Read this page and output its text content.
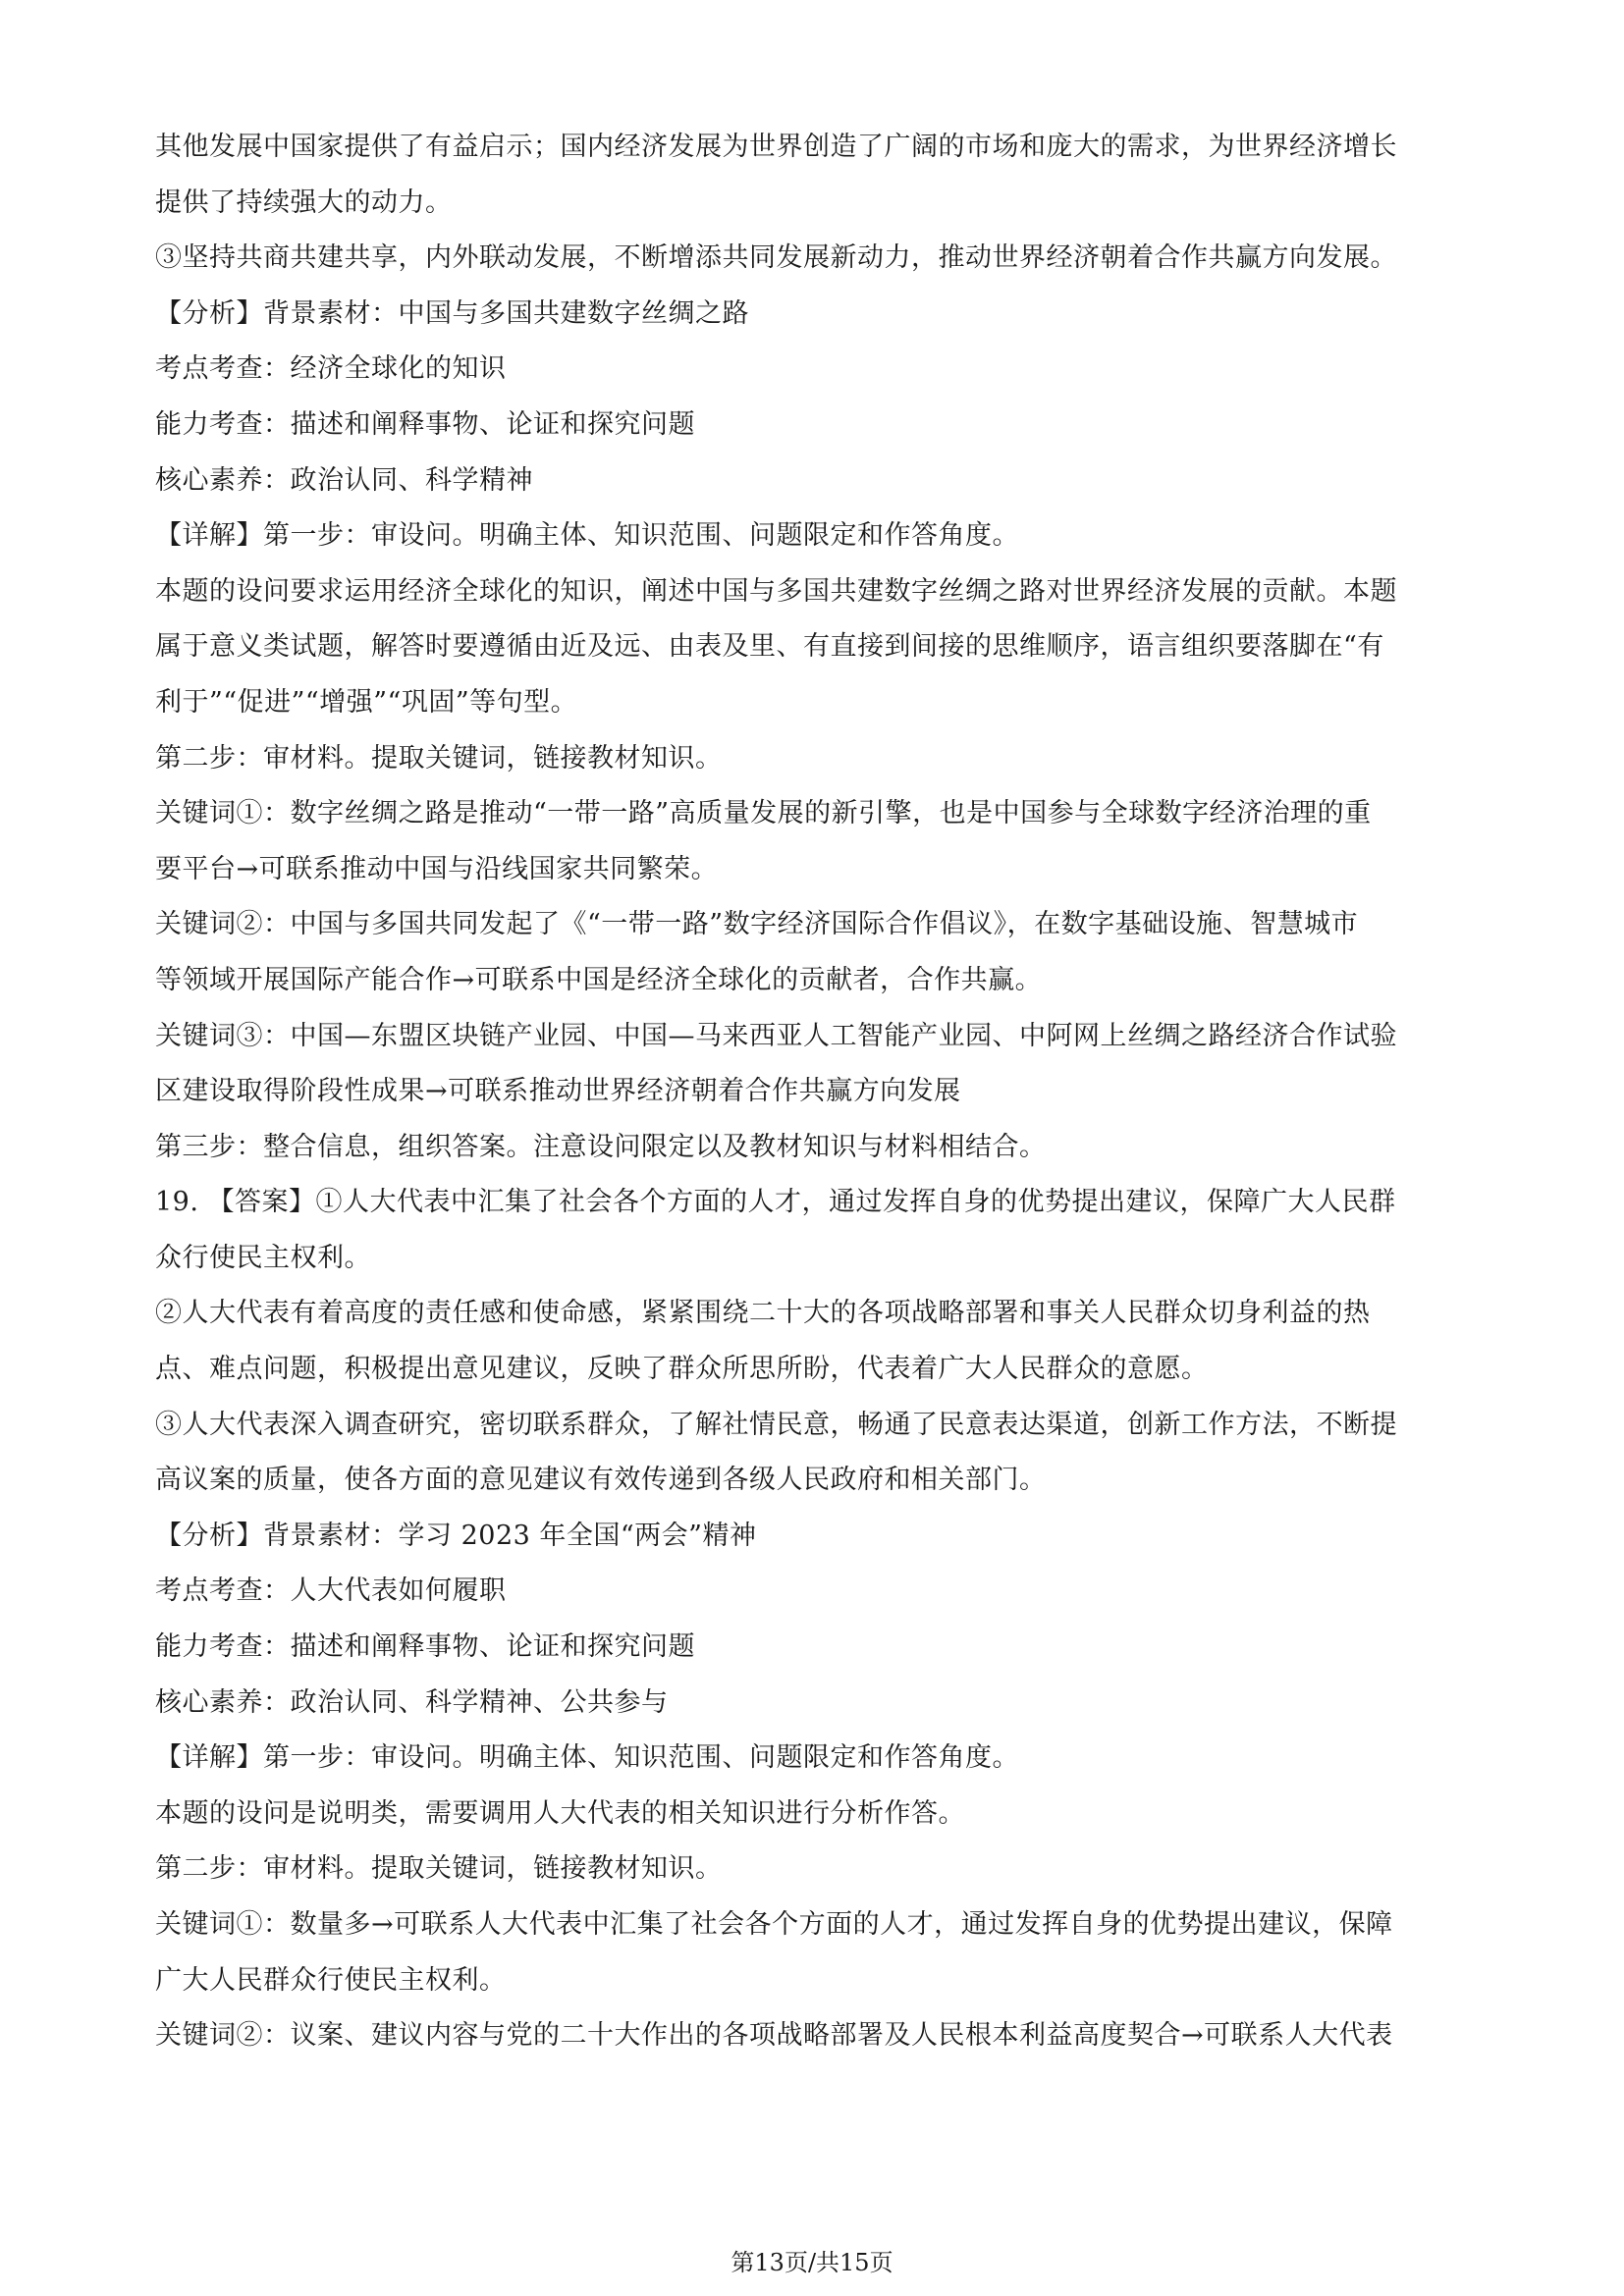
其他发展中国家提供了有益启示；国内经济发展为世界创造了广阔的市场和庞大的需求，为世界经济增长
提供了持续强大的动力。
③坚持共商共建共享，内外联动发展，不断增添共同发展新动力，推动世界经济朝着合作共赢方向发展。
【分析】背景素材：中国与多国共建数字丝绸之路
考点考查：经济全球化的知识
能力考查：描述和阐释事物、论证和探究问题
核心素养：政治认同、科学精神
【详解】第一步：审设问。明确主体、知识范围、问题限定和作答角度。
本题的设问要求运用经济全球化的知识，阐述中国与多国共建数字丝绸之路对世界经济发展的贡献。本题
属于意义类试题，解答时要遵循由近及远、由表及里、有直接到间接的思维顺序，语言组织要落脚在“有
利于”“促进”“增强”“巩固”等句型。
第二步：审材料。提取关键词，链接教材知识。
关键词①：数字丝绸之路是推动“一带一路”高质量发展的新引擎，也是中国参与全球数字经济治理的重
要平台→可联系推动中国与沿线国家共同繁荣。
关键词②：中国与多国共同发起了《“一带一路”数字经济国际合作倡议》，在数字基础设施、智慧城市
等领域开展国际产能合作→可联系中国是经济全球化的贡献者，合作共赢。
关键词③：中国—东盟区块链产业园、中国—马来西亚人工智能产业园、中阿网上丝绸之路经济合作试验
区建设取得阶段性成果→可联系推动世界经济朝着合作共赢方向发展
第三步：整合信息，组织答案。注意设问限定以及教材知识与材料相结合。
19. 【答案】①人大代表中汇集了社会各个方面的人才，通过发挥自身的优势提出建议，保障广大人民群
众行使民主权利。
②人大代表有着高度的责任感和使命感，紧紧围绕二十大的各项战略部署和事关人民群众切身利益的热
点、难点问题，积极提出意见建议，反映了群众所思所盼，代表着广大人民群众的意愿。
③人大代表深入调查研究，密切联系群众，了解社情民意，畅通了民意表达渠道，创新工作方法，不断提
高议案的质量，使各方面的意见建议有效传递到各级人民政府和相关部门。
【分析】背景素材：学习 2023 年全国“两会”精神
考点考查：人大代表如何履职
能力考查：描述和阐释事物、论证和探究问题
核心素养：政治认同、科学精神、公共参与
【详解】第一步：审设问。明确主体、知识范围、问题限定和作答角度。
本题的设问是说明类，需要调用人大代表的相关知识进行分析作答。
第二步：审材料。提取关键词，链接教材知识。
关键词①：数量多→可联系人大代表中汇集了社会各个方面的人才，通过发挥自身的优势提出建议，保障
广大人民群众行使民主权利。
关键词②：议案、建议内容与党的二十大作出的各项战略部署及人民根本利益高度契合→可联系人大代表
第13页/共15页
